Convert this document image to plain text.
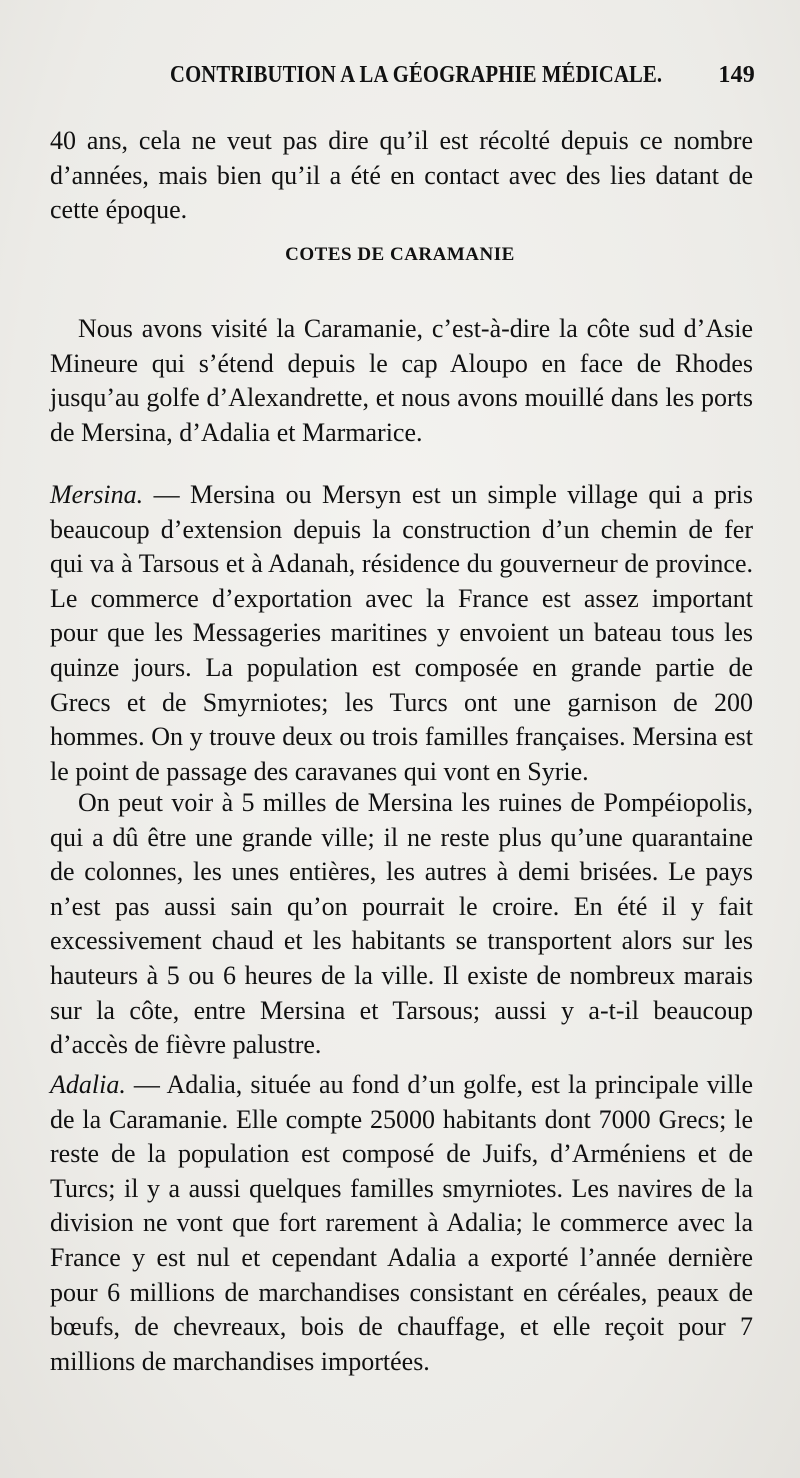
CONTRIBUTION A LA GÉOGRAPHIE MÉDICALE. 149

40 ans, cela ne veut pas dire qu’il est récolté depuis ce nombre d’années, mais bien qu’il a été en contact avec des lies datant de cette époque.

COTES DE CARAMANIE

Nous avons visité la Caramanie, c’est-à-dire la côte sud d’Asie Mineure qui s’étend depuis le cap Aloupo en face de Rhodes jusqu’au golfe d’Alexandrette, et nous avons mouillé dans les ports de Mersina, d’Adalia et Marmarice.

Mersina. — Mersina ou Mersyn est un simple village qui a pris beaucoup d’extension depuis la construction d’un chemin de fer qui va à Tarsous et à Adanah, résidence du gouverneur de province. Le commerce d’exportation avec la France est assez important pour que les Messageries maritines y envoient un bateau tous les quinze jours. La population est composée en grande partie de Grecs et de Smyrniotes; les Turcs ont une garnison de 200 hommes. On y trouve deux ou trois familles françaises. Mersina est le point de passage des caravanes qui vont en Syrie.

On peut voir à 5 milles de Mersina les ruines de Pompéiopolis, qui a dû être une grande ville; il ne reste plus qu’une quarantaine de colonnes, les unes entières, les autres à demi brisées. Le pays n’est pas aussi sain qu’on pourrait le croire. En été il y fait excessivement chaud et les habitants se transportent alors sur les hauteurs à 5 ou 6 heures de la ville. Il existe de nombreux marais sur la côte, entre Mersina et Tarsous; aussi y a-t-il beaucoup d’accès de fièvre palustre.

Adalia. — Adalia, située au fond d’un golfe, est la principale ville de la Caramanie. Elle compte 25000 habitants dont 7000 Grecs; le reste de la population est composé de Juifs, d’Arméniens et de Turcs; il y a aussi quelques familles smyrniotes. Les navires de la division ne vont que fort rarement à Adalia; le commerce avec la France y est nul et cependant Adalia a exporté l’année dernière pour 6 millions de marchandises consistant en céréales, peaux de bœufs, de chevreaux, bois de chauffage, et elle reçoit pour 7 millions de marchandises importées.
